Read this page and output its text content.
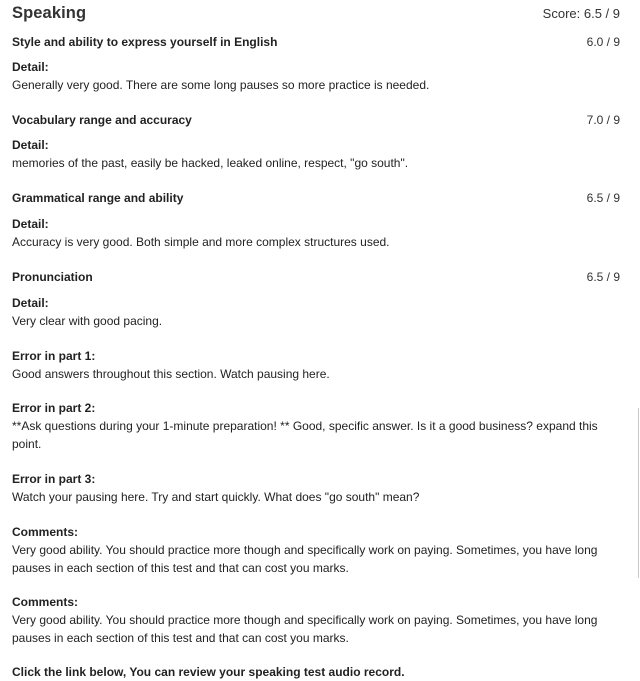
Speaking	Score: 6.5 / 9
Style and ability to express yourself in English	6.0 / 9
Detail:
Generally very good. There are some long pauses so more practice is needed.
Vocabulary range and accuracy	7.0 / 9
Detail:
memories of the past, easily be hacked, leaked online, respect, "go south".
Grammatical range and ability	6.5 / 9
Detail:
Accuracy is very good. Both simple and more complex structures used.
Pronunciation	6.5 / 9
Detail:
Very clear with good pacing.
Error in part 1:
Good answers throughout this section. Watch pausing here.
Error in part 2:
**Ask questions during your 1-minute preparation! ** Good, specific answer. Is it a good business? expand this point.
Error in part 3:
Watch your pausing here. Try and start quickly. What does "go south" mean?
Comments:
Very good ability. You should practice more though and specifically work on paying. Sometimes, you have long pauses in each section of this test and that can cost you marks.
Comments:
Very good ability. You should practice more though and specifically work on paying. Sometimes, you have long pauses in each section of this test and that can cost you marks.
Click the link below, You can review your speaking test audio record.
